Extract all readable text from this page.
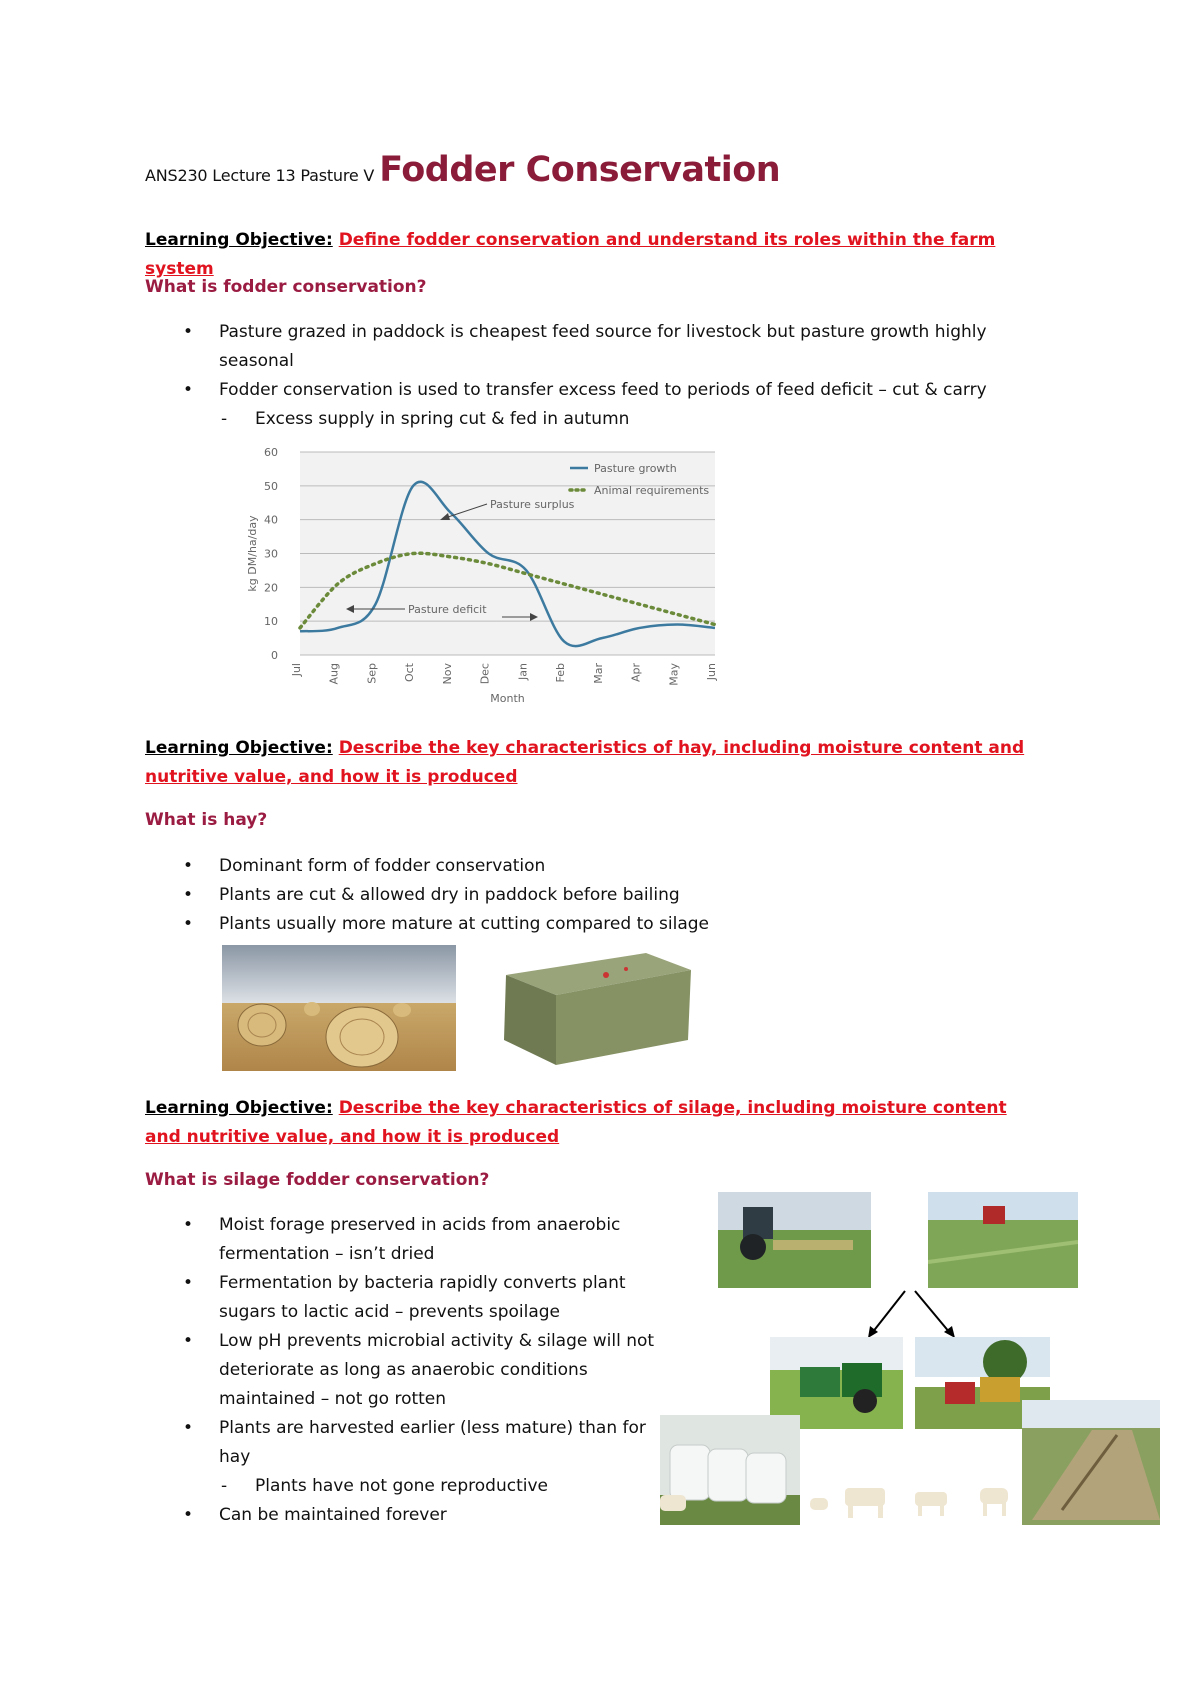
ANS230 Lecture 13 Pasture V Fodder Conservation
Learning Objective: Define fodder conservation and understand its roles within the farm system
What is fodder conservation?
• Pasture grazed in paddock is cheapest feed source for livestock but pasture growth highly seasonal
• Fodder conservation is used to transfer excess feed to periods of feed deficit – cut & carry
- Excess supply in spring cut & fed in autumn
0
10
20
30
40
50
60
Jul Aug Sep Oct Nov Dec Jan Feb Mar Apr May Jun
Month
kg DM/ha/day
Pasture growth
Animal requirements
Pasture surplus
Pasture deficit
Learning Objective: Describe the key characteristics of hay, including moisture content and nutritive value, and how it is produced
What is hay?
• Dominant form of fodder conservation
• Plants are cut & allowed dry in paddock before bailing
• Plants usually more mature at cutting compared to silage
Learning Objective: Describe the key characteristics of silage, including moisture content and nutritive value, and how it is produced
What is silage fodder conservation?
• Moist forage preserved in acids from anaerobic fermentation – isn’t dried
• Fermentation by bacteria rapidly converts plant sugars to lactic acid – prevents spoilage
• Low pH prevents microbial activity & silage will not deteriorate as long as anaerobic conditions maintained – not go rotten
• Plants are harvested earlier (less mature) than for hay
- Plants have not gone reproductive
• Can be maintained forever
